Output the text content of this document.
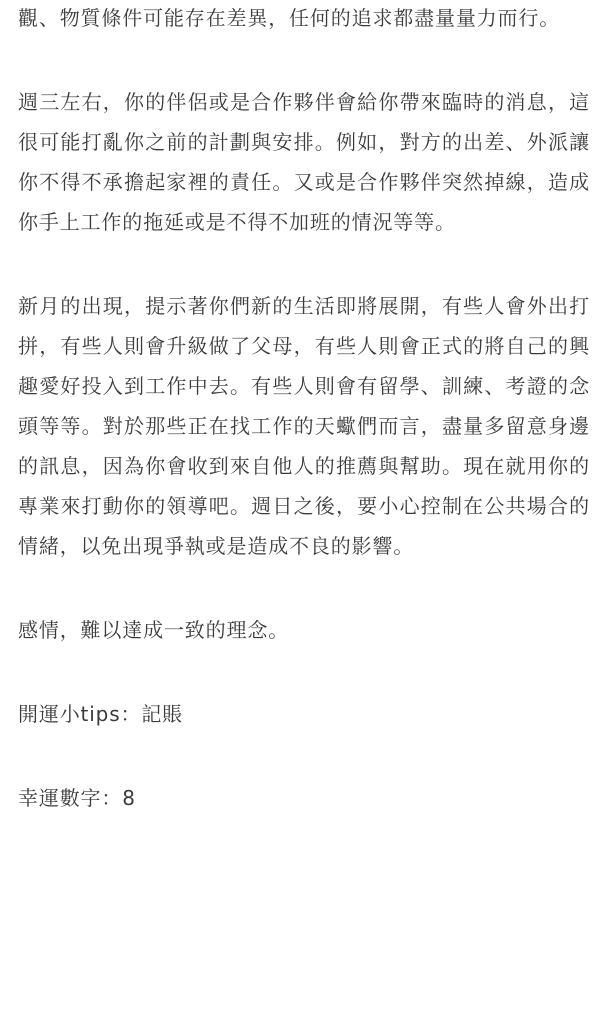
觀、物質條件可能存在差異，任何的追求都盡量量力而行。

週三左右，你的伴侶或是合作夥伴會給你帶來臨時的消息，這很可能打亂你之前的計劃與安排。例如，對方的出差、外派讓你不得不承擔起家裡的責任。又或是合作夥伴突然掉線，造成你手上工作的拖延或是不得不加班的情況等等。

新月的出現，提示著你們新的生活即將展開，有些人會外出打拼，有些人則會升級做了父母，有些人則會正式的將自己的興趣愛好投入到工作中去。有些人則會有留學、訓練、考證的念頭等等。對於那些正在找工作的天蠍們而言，盡量多留意身邊的訊息，因為你會收到來自他人的推薦與幫助。現在就用你的專業來打動你的領導吧。週日之後，要小心控制在公共場合的情緒，以免出現爭執或是造成不良的影響。

感情，難以達成一致的理念。

開運小tips：記賬

幸運數字：8
